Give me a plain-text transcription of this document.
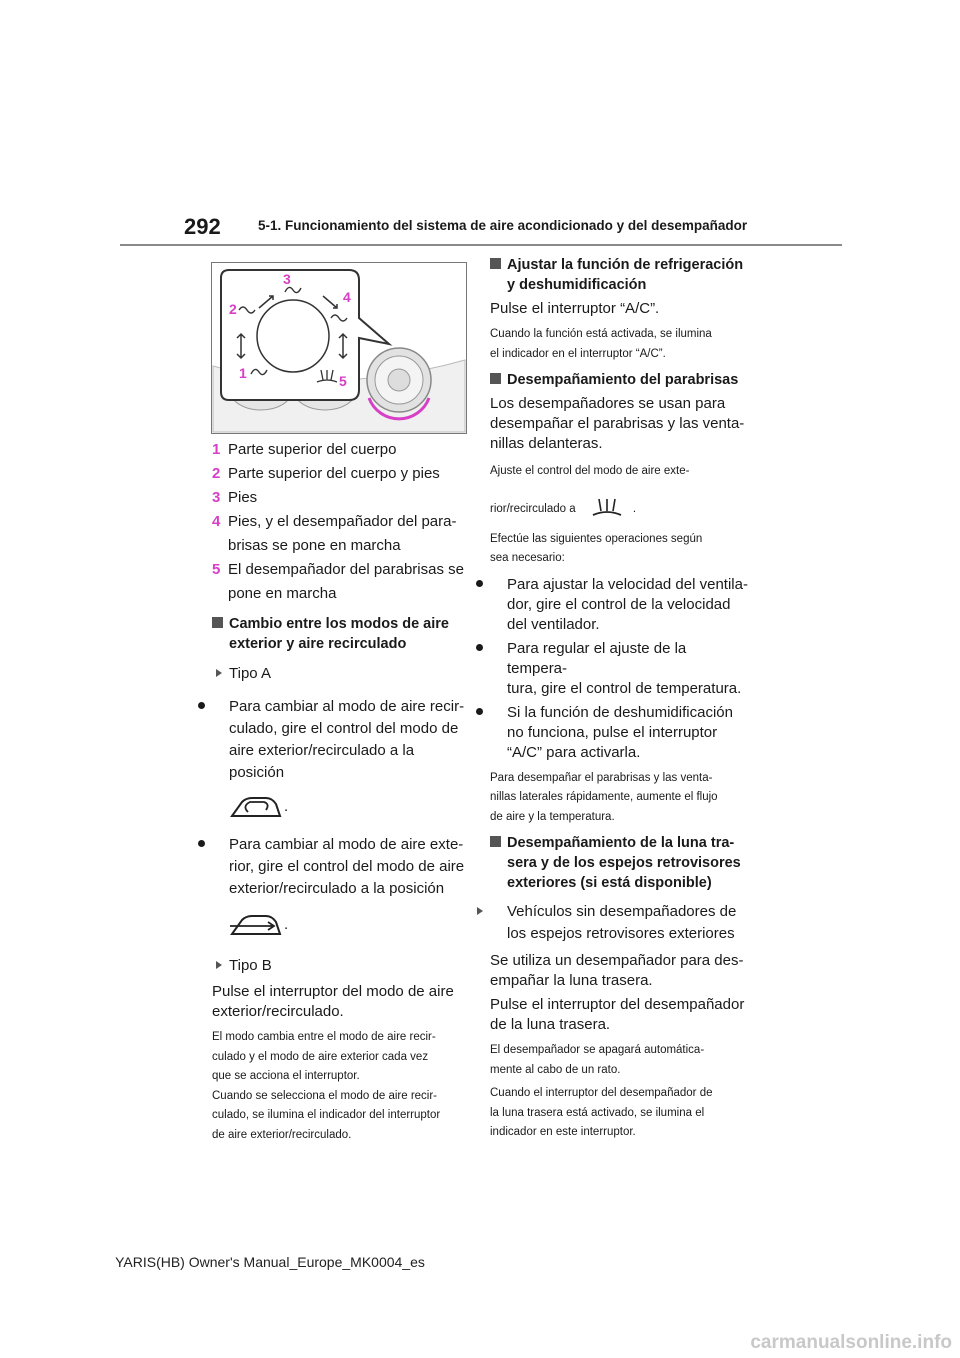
292	5-1. Funcionamiento del sistema de aire acondicionado y del desempañador
3
2
4
1	5

1 Parte superior del cuerpo

2 Parte superior del cuerpo y pies

3 Pies

4 Pies, y el desempañador del para-

brisas se pone en marcha

5 El desempañador del parabrisas se

pone en marcha

Cambio entre los modos de aire
exterior y aire recirculado

Tipo A

Para cambiar al modo de aire recir-
culado, gire el control del modo de
aire exterior/recirculado a la posición

.

Para cambiar al modo de aire exte-
rior, gire el control del modo de aire
exterior/recirculado a la posición

.

Tipo B

Pulse el interruptor del modo de aire
exterior/recirculado.

El modo cambia entre el modo de aire recir-
culado y el modo de aire exterior cada vez
que se acciona el interruptor.
Cuando se selecciona el modo de aire recir-
culado, se ilumina el indicador del interruptor
de aire exterior/recirculado.

Ajustar la función de refrigeración
y deshumidificación

Pulse el interruptor “A/C”.

Cuando la función está activada, se ilumina
el indicador en el interruptor “A/C”.

Desempañamiento del parabrisas

Los desempañadores se usan para
desempañar el parabrisas y las venta-
nillas delanteras.
Ajuste el control del modo de aire exte-
rior/recirculado a	.
Efectúe las siguientes operaciones según
sea necesario:

Para ajustar la velocidad del ventila-
dor, gire el control de la velocidad
del ventilador.

Para regular el ajuste de la tempera-
tura, gire el control de temperatura.

Si la función de deshumidificación
no funciona, pulse el interruptor
“A/C” para activarla.

Para desempañar el parabrisas y las venta-
nillas laterales rápidamente, aumente el flujo
de aire y la temperatura.

Desempañamiento de la luna tra-
sera y de los espejos retrovisores
exteriores (si está disponible)

Vehículos sin desempañadores de
los espejos retrovisores exteriores

Se utiliza un desempañador para des-
empañar la luna trasera.
Pulse el interruptor del desempañador
de la luna trasera.
El desempañador se apagará automática-
mente al cabo de un rato.
Cuando el interruptor del desempañador de
la luna trasera está activado, se ilumina el
indicador en este interruptor.
YARIS(HB) Owner's Manual_Europe_MK0004_es
carmanualsonline.info
